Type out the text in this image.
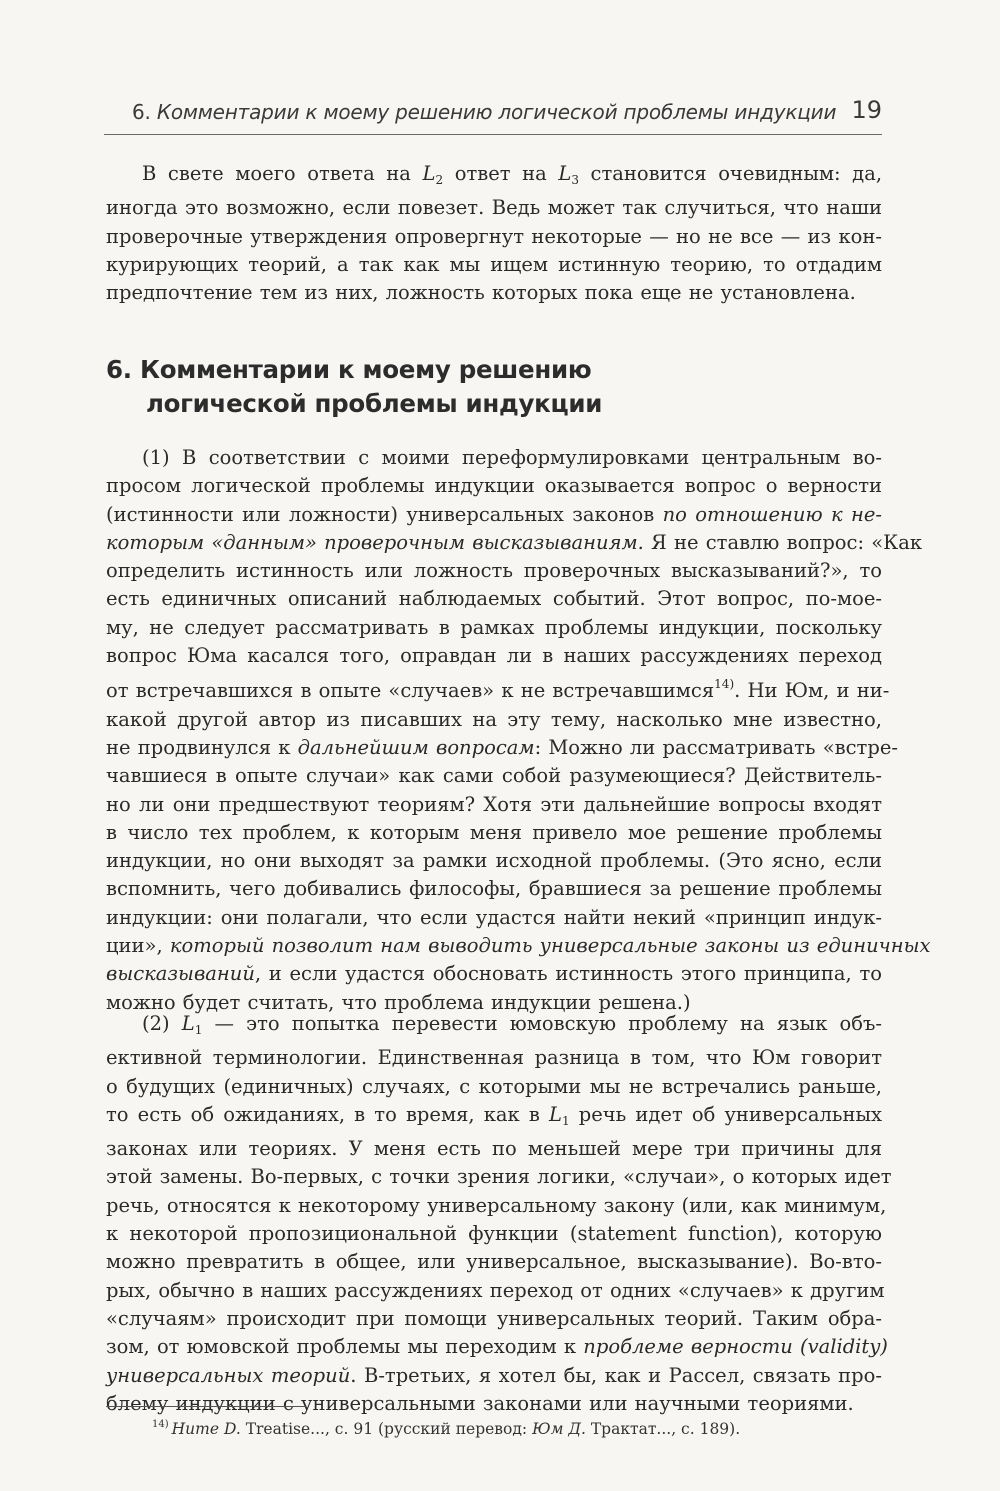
6. Комментарии к моему решению логической проблемы индукции 19
В свете моего ответа на $L_2$ ответ на $L_3$ становится очевидным: да,
иногда это возможно, если повезет. Ведь может так случиться, что наши
проверочные утверждения опровергнут некоторые — но не все — из кон-
курирующих теорий, а так как мы ищем истинную теорию, то отдадим
предпочтение тем из них, ложность которых пока еще не установлена.
6. Комментарии к моему решению
логической проблемы индукции
(1) В соответствии с моими переформулировками центральным во-
просом логической проблемы индукции оказывается вопрос о верности
(истинности или ложности) универсальных законов по отношению к не-
которым «данным» проверочным высказываниям. Я не ставлю вопрос: «Как
определить истинность или ложность проверочных высказываний?», то
есть единичных описаний наблюдаемых событий. Этот вопрос, по-мое-
му, не следует рассматривать в рамках проблемы индукции, поскольку
вопрос Юма касался того, оправдан ли в наших рассуждениях переход
от встречавшихся в опыте «случаев» к не встречавшимся$^{14)}$. Ни Юм, и ни-
какой другой автор из писавших на эту тему, насколько мне известно,
не продвинулся к дальнейшим вопросам: Можно ли рассматривать «встре-
чавшиеся в опыте случаи» как сами собой разумеющиеся? Действитель-
но ли они предшествуют теориям? Хотя эти дальнейшие вопросы входят
в число тех проблем, к которым меня привело мое решение проблемы
индукции, но они выходят за рамки исходной проблемы. (Это ясно, если
вспомнить, чего добивались философы, бравшиеся за решение проблемы
индукции: они полагали, что если удастся найти некий «принцип индук-
ции», который позволит нам выводить универсальные законы из единичных
высказываний, и если удастся обосновать истинность этого принципа, то
можно будет считать, что проблема индукции решена.)
(2) $L_1$ — это попытка перевести юмовскую проблему на язык объ-
ективной терминологии. Единственная разница в том, что Юм говорит
о будущих (единичных) случаях, с которыми мы не встречались раньше,
то есть об ожиданиях, в то время, как в $L_1$ речь идет об универсальных
законах или теориях. У меня есть по меньшей мере три причины для
этой замены. Во-первых, с точки зрения логики, «случаи», о которых идет
речь, относятся к некоторому универсальному закону (или, как минимум,
к некоторой пропозициональной функции (statement function), которую
можно превратить в общее, или универсальное, высказывание). Во-вто-
рых, обычно в наших рассуждениях переход от одних «случаев» к другим
«случаям» происходит при помощи универсальных теорий. Таким обра-
зом, от юмовской проблемы мы переходим к проблеме верности (validity)
универсальных теорий. В-третьих, я хотел бы, как и Рассел, связать про-
блему индукции с универсальными законами или научными теориями.
$^{14)}$ Hume D. Treatise..., с. 91 (русский перевод: Юм Д. Трактат..., с. 189).
